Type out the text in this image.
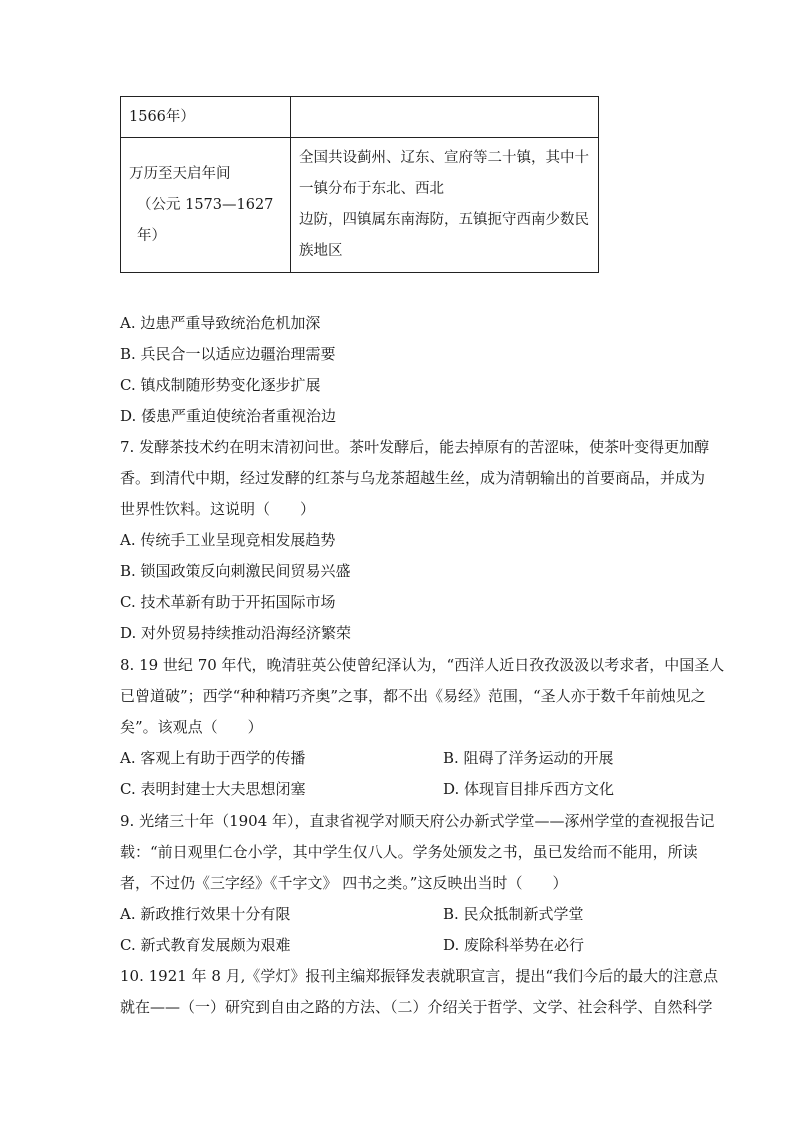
1566年）	

万历至天启年间
（公元 1573—1627 年）	全国共设蓟州、辽东、宣府等二十镇，其中十
一镇分布于东北、西北
边防，四镇属东南海防，五镇扼守西南少数民
族地区
A. 边患严重导致统治危机加深
B. 兵民合一以适应边疆治理需要
C. 镇戍制随形势变化逐步扩展
D. 倭患严重迫使统治者重视治边
7. 发酵茶技术约在明末清初问世。茶叶发酵后，能去掉原有的苦涩味，使茶叶变得更加醇
香。到清代中期，经过发酵的红茶与乌龙茶超越生丝，成为清朝输出的首要商品，并成为
世界性饮料。这说明（　　）
A. 传统手工业呈现竞相发展趋势
B. 锁国政策反向刺激民间贸易兴盛
C. 技术革新有助于开拓国际市场
D. 对外贸易持续推动沿海经济繁荣
8. 19 世纪 70 年代，晚清驻英公使曾纪泽认为，“西洋人近日孜孜汲汲以考求者，中国圣人
已曾道破”；西学“种种精巧齐奥”之事，都不出《易经》范围，“圣人亦于数千年前烛见之
矣”。该观点（　　）
A. 客观上有助于西学的传播	B. 阻碍了洋务运动的开展
C. 表明封建士大夫思想闭塞	D. 体现盲目排斥西方文化
9. 光绪三十年（1904 年），直隶省视学对顺天府公办新式学堂——涿州学堂的查视报告记
载：“前日观里仁仓小学，其中学生仅八人。学务处颁发之书，虽已发给而不能用，所读
者，不过仍《三字经》《千字文》 四书之类。”这反映出当时（　　）
A. 新政推行效果十分有限	B. 民众抵制新式学堂
C. 新式教育发展颇为艰难	D. 废除科举势在必行
10. 1921 年 8 月,《学灯》报刊主编郑振铎发表就职宣言，提出“我们今后的最大的注意点
就在——（一）研究到自由之路的方法、（二）介绍关于哲学、文学、社会科学、自然科学
